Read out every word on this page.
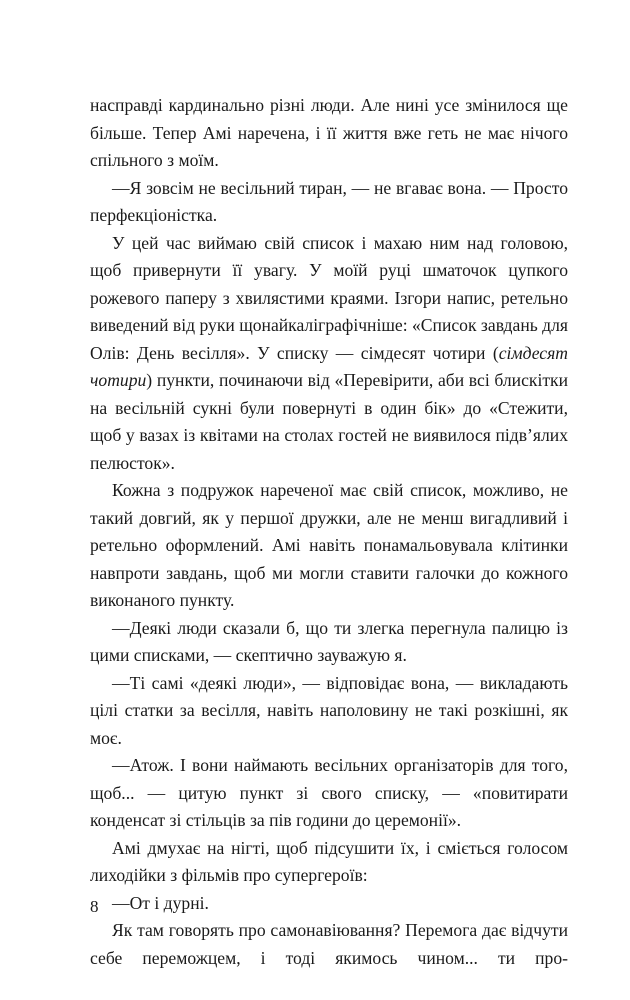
насправді кардинально різні люди. Але нині усе змінилося ще більше. Тепер Амі наречена, і її життя вже геть не має нічого спільного з моїм.

—Я зовсім не весільний тиран, — не вгаває вона. — Просто перфекціоністка.

У цей час виймаю свій список і махаю ним над головою, щоб привернути її увагу. У моїй руці шматочок цупкого рожевого паперу з хвилястими краями. Ізгори напис, ретельно виведений від руки щонайкаліграфічніше: «Список завдань для Олів: День весілля». У списку — сімдесят чотири (сімдесят чотири) пункти, починаючи від «Перевірити, аби всі блискітки на весільній сукні були повернуті в один бік» до «Стежити, щоб у вазах із квітами на столах гостей не виявилося підв’ялих пелюсток».

Кожна з подружок нареченої має свій список, можливо, не такий довгий, як у першої дружки, але не менш вигадливий і ретельно оформлений. Амі навіть понамальовувала клітинки навпроти завдань, щоб ми могли ставити галочки до кожного виконаного пункту.

—Деякі люди сказали б, що ти злегка перегнула палицю із цими списками, — скептично зауважую я.

—Ті самі «деякі люди», — відповідає вона, — викладають цілі статки за весілля, навіть наполовину не такі розкішні, як моє.

—Атож. І вони наймають весільних організаторів для того, щоб... — цитую пункт зі свого списку, — «повитирати конденсат зі стільців за пів години до церемонії».

Амі дмухає на нігті, щоб підсушити їх, і сміється голосом лиходійки з фільмів про супергероїв:

—От і дурні.

Як там говорять про самонавіювання? Перемога дає відчути себе переможцем, і тоді якимось чином... ти про-

8
